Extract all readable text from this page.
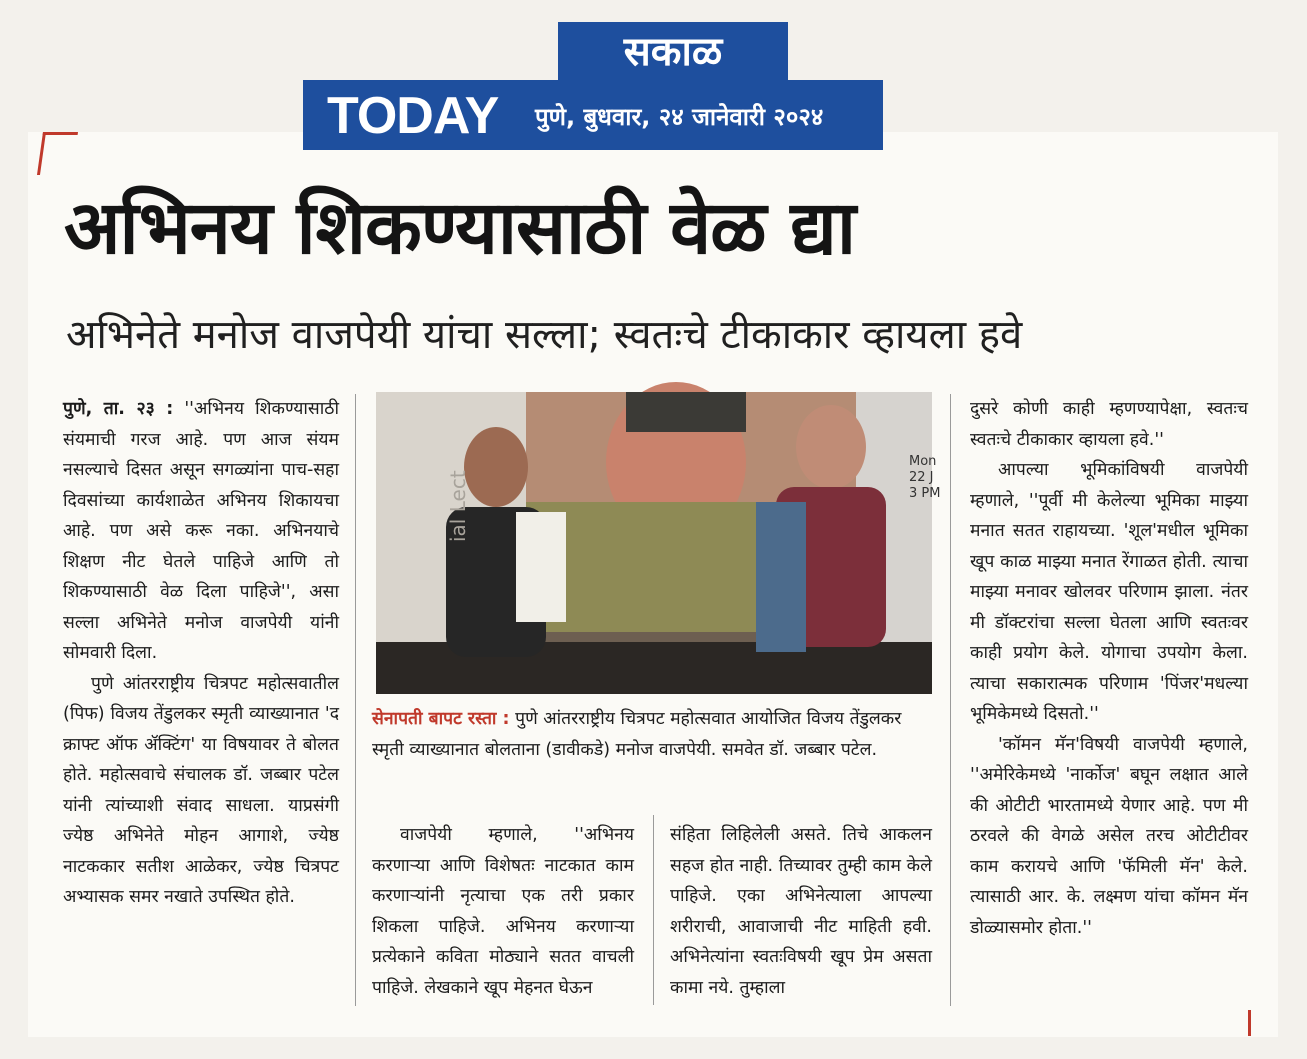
सकाळ
TODAY पुणे, बुधवार, २४ जानेवारी २०२४
अभिनय शिकण्यासाठी वेळ द्या
अभिनेते मनोज वाजपेयी यांचा सल्ला; स्वतःचे टीकाकार व्हायला हवे

पुणे, ता. २३ : ''अभिनय शिकण्यासाठी संयमाची गरज आहे. पण आज संयम नसल्याचे दिसत असून सगळ्यांना पाच-सहा दिवसांच्या कार्यशाळेत अभिनय शिकायचा आहे. पण असे करू नका. अभिनयाचे शिक्षण नीट घेतले पाहिजे आणि तो शिकण्यासाठी वेळ दिला पाहिजे'', असा सल्ला अभिनेते मनोज वाजपेयी यांनी सोमवारी दिला.

पुणे आंतरराष्ट्रीय चित्रपट महोत्सवातील (पिफ) विजय तेंडुलकर स्मृती व्याख्यानात 'द क्राफ्ट ऑफ ॲक्टिंग' या विषयावर ते बोलत होते. महोत्सवाचे संचालक डॉ. जब्बार पटेल यांनी त्यांच्याशी संवाद साधला. याप्रसंगी ज्येष्ठ अभिनेते मोहन आगाशे, ज्येष्ठ नाटककार सतीश आळेकर, ज्येष्ठ चित्रपट अभ्यासक समर नखाते उपस्थित होते.

ial Lect
Mon
22 J
3 PM
सेनापती बापट रस्ता : पुणे आंतरराष्ट्रीय चित्रपट महोत्सवात आयोजित विजय तेंडुलकर स्मृती व्याख्यानात बोलताना (डावीकडे) मनोज वाजपेयी. समवेत डॉ. जब्बार पटेल.

वाजपेयी म्हणाले, ''अभिनय करणाऱ्या आणि विशेषतः नाटकात काम करणाऱ्यांनी नृत्याचा एक तरी प्रकार शिकला पाहिजे. अभिनय करणाऱ्या प्रत्येकाने कविता मोठ्याने सतत वाचली पाहिजे. लेखकाने खूप मेहनत घेऊन

संहिता लिहिलेली असते. तिचे आकलन सहज होत नाही. तिच्यावर तुम्ही काम केले पाहिजे. एका अभिनेत्याला आपल्या शरीराची, आवाजाची नीट माहिती हवी. अभिनेत्यांना स्वतःविषयी खूप प्रेम असता कामा नये. तुम्हाला

दुसरे कोणी काही म्हणण्यापेक्षा, स्वतःच स्वतःचे टीकाकार व्हायला हवे.''

आपल्या भूमिकांविषयी वाजपेयी म्हणाले, ''पूर्वी मी केलेल्या भूमिका माझ्या मनात सतत राहायच्या. 'शूल'मधील भूमिका खूप काळ माझ्या मनात रेंगाळत होती. त्याचा माझ्या मनावर खोलवर परिणाम झाला. नंतर मी डॉक्टरांचा सल्ला घेतला आणि स्वतःवर काही प्रयोग केले. योगाचा उपयोग केला. त्याचा सकारात्मक परिणाम 'पिंजर'मधल्या भूमिकेमध्ये दिसतो.''

'कॉमन मॅन'विषयी वाजपेयी म्हणाले, ''अमेरिकेमध्ये 'नार्कोज' बघून लक्षात आले की ओटीटी भारतामध्ये येणार आहे. पण मी ठरवले की वेगळे असेल तरच ओटीटीवर काम करायचे आणि 'फॅमिली मॅन' केले. त्यासाठी आर. के. लक्ष्मण यांचा कॉमन मॅन डोळ्यासमोर होता.''
